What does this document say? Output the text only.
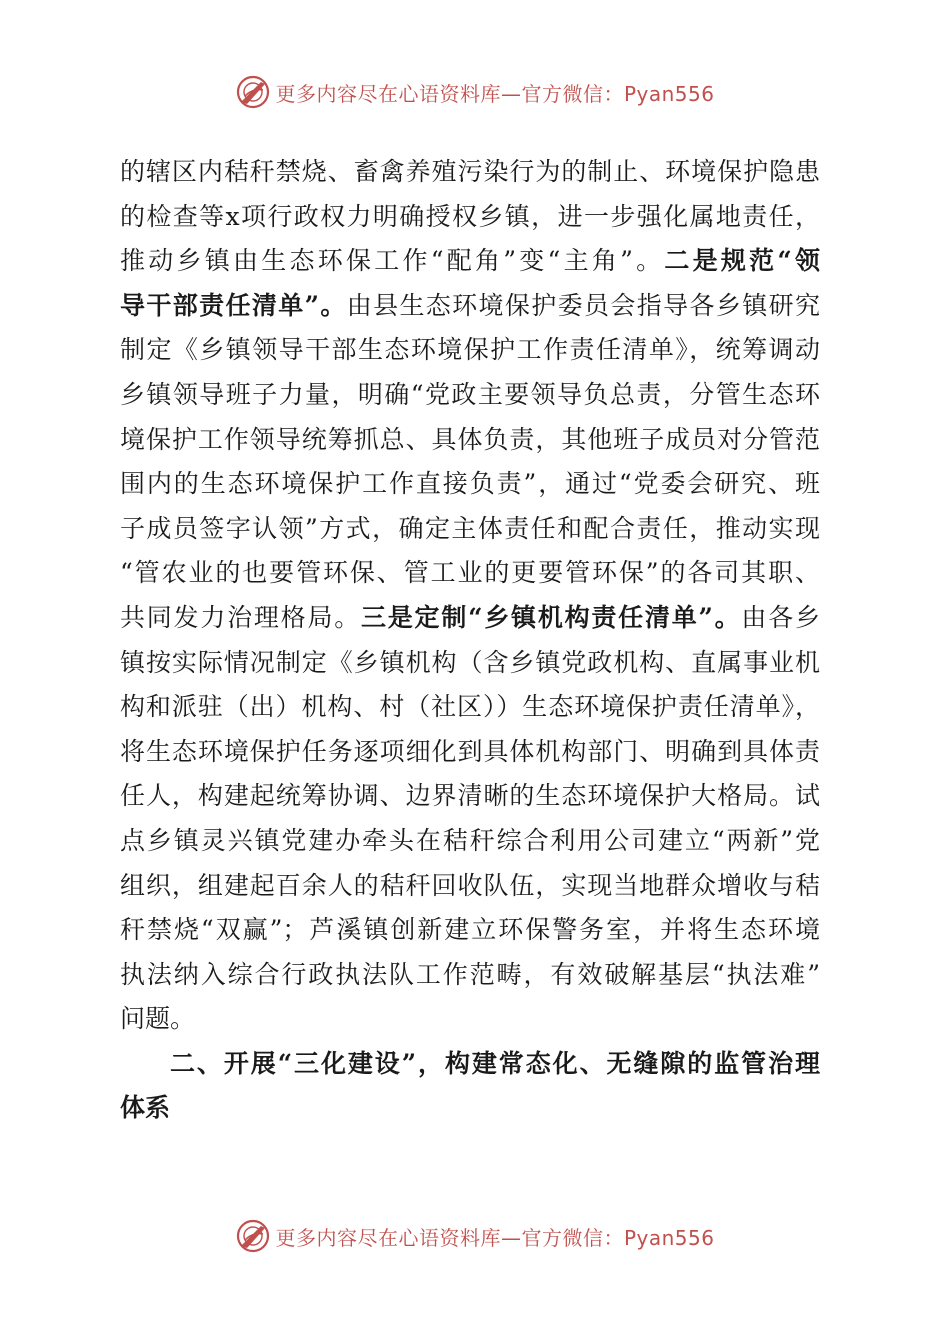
更多内容尽在心语资料库—官方微信：Pyan556
的辖区内秸秆禁烧、畜禽养殖污染行为的制止、环境保护隐患
的检查等x项行政权力明确授权乡镇，进一步强化属地责任，
推动乡镇由生态环保工作“配角”变“主角”。二是规范“领
导干部责任清单”。由县生态环境保护委员会指导各乡镇研究
制定《乡镇领导干部生态环境保护工作责任清单》，统筹调动
乡镇领导班子力量，明确“党政主要领导负总责，分管生态环
境保护工作领导统筹抓总、具体负责，其他班子成员对分管范
围内的生态环境保护工作直接负责”，通过“党委会研究、班
子成员签字认领”方式，确定主体责任和配合责任，推动实现
“管农业的也要管环保、管工业的更要管环保”的各司其职、
共同发力治理格局。三是定制“乡镇机构责任清单”。由各乡
镇按实际情况制定《乡镇机构（含乡镇党政机构、直属事业机
构和派驻（出）机构、村（社区））生态环境保护责任清单》，
将生态环境保护任务逐项细化到具体机构部门、明确到具体责
任人，构建起统筹协调、边界清晰的生态环境保护大格局。试
点乡镇灵兴镇党建办牵头在秸秆综合利用公司建立“两新”党
组织，组建起百余人的秸秆回收队伍，实现当地群众增收与秸
秆禁烧“双赢”；芦溪镇创新建立环保警务室，并将生态环境
执法纳入综合行政执法队工作范畴，有效破解基层“执法难”
问题。
二、开展“三化建设”，构建常态化、无缝隙的监管治理
体系
更多内容尽在心语资料库—官方微信：Pyan556
